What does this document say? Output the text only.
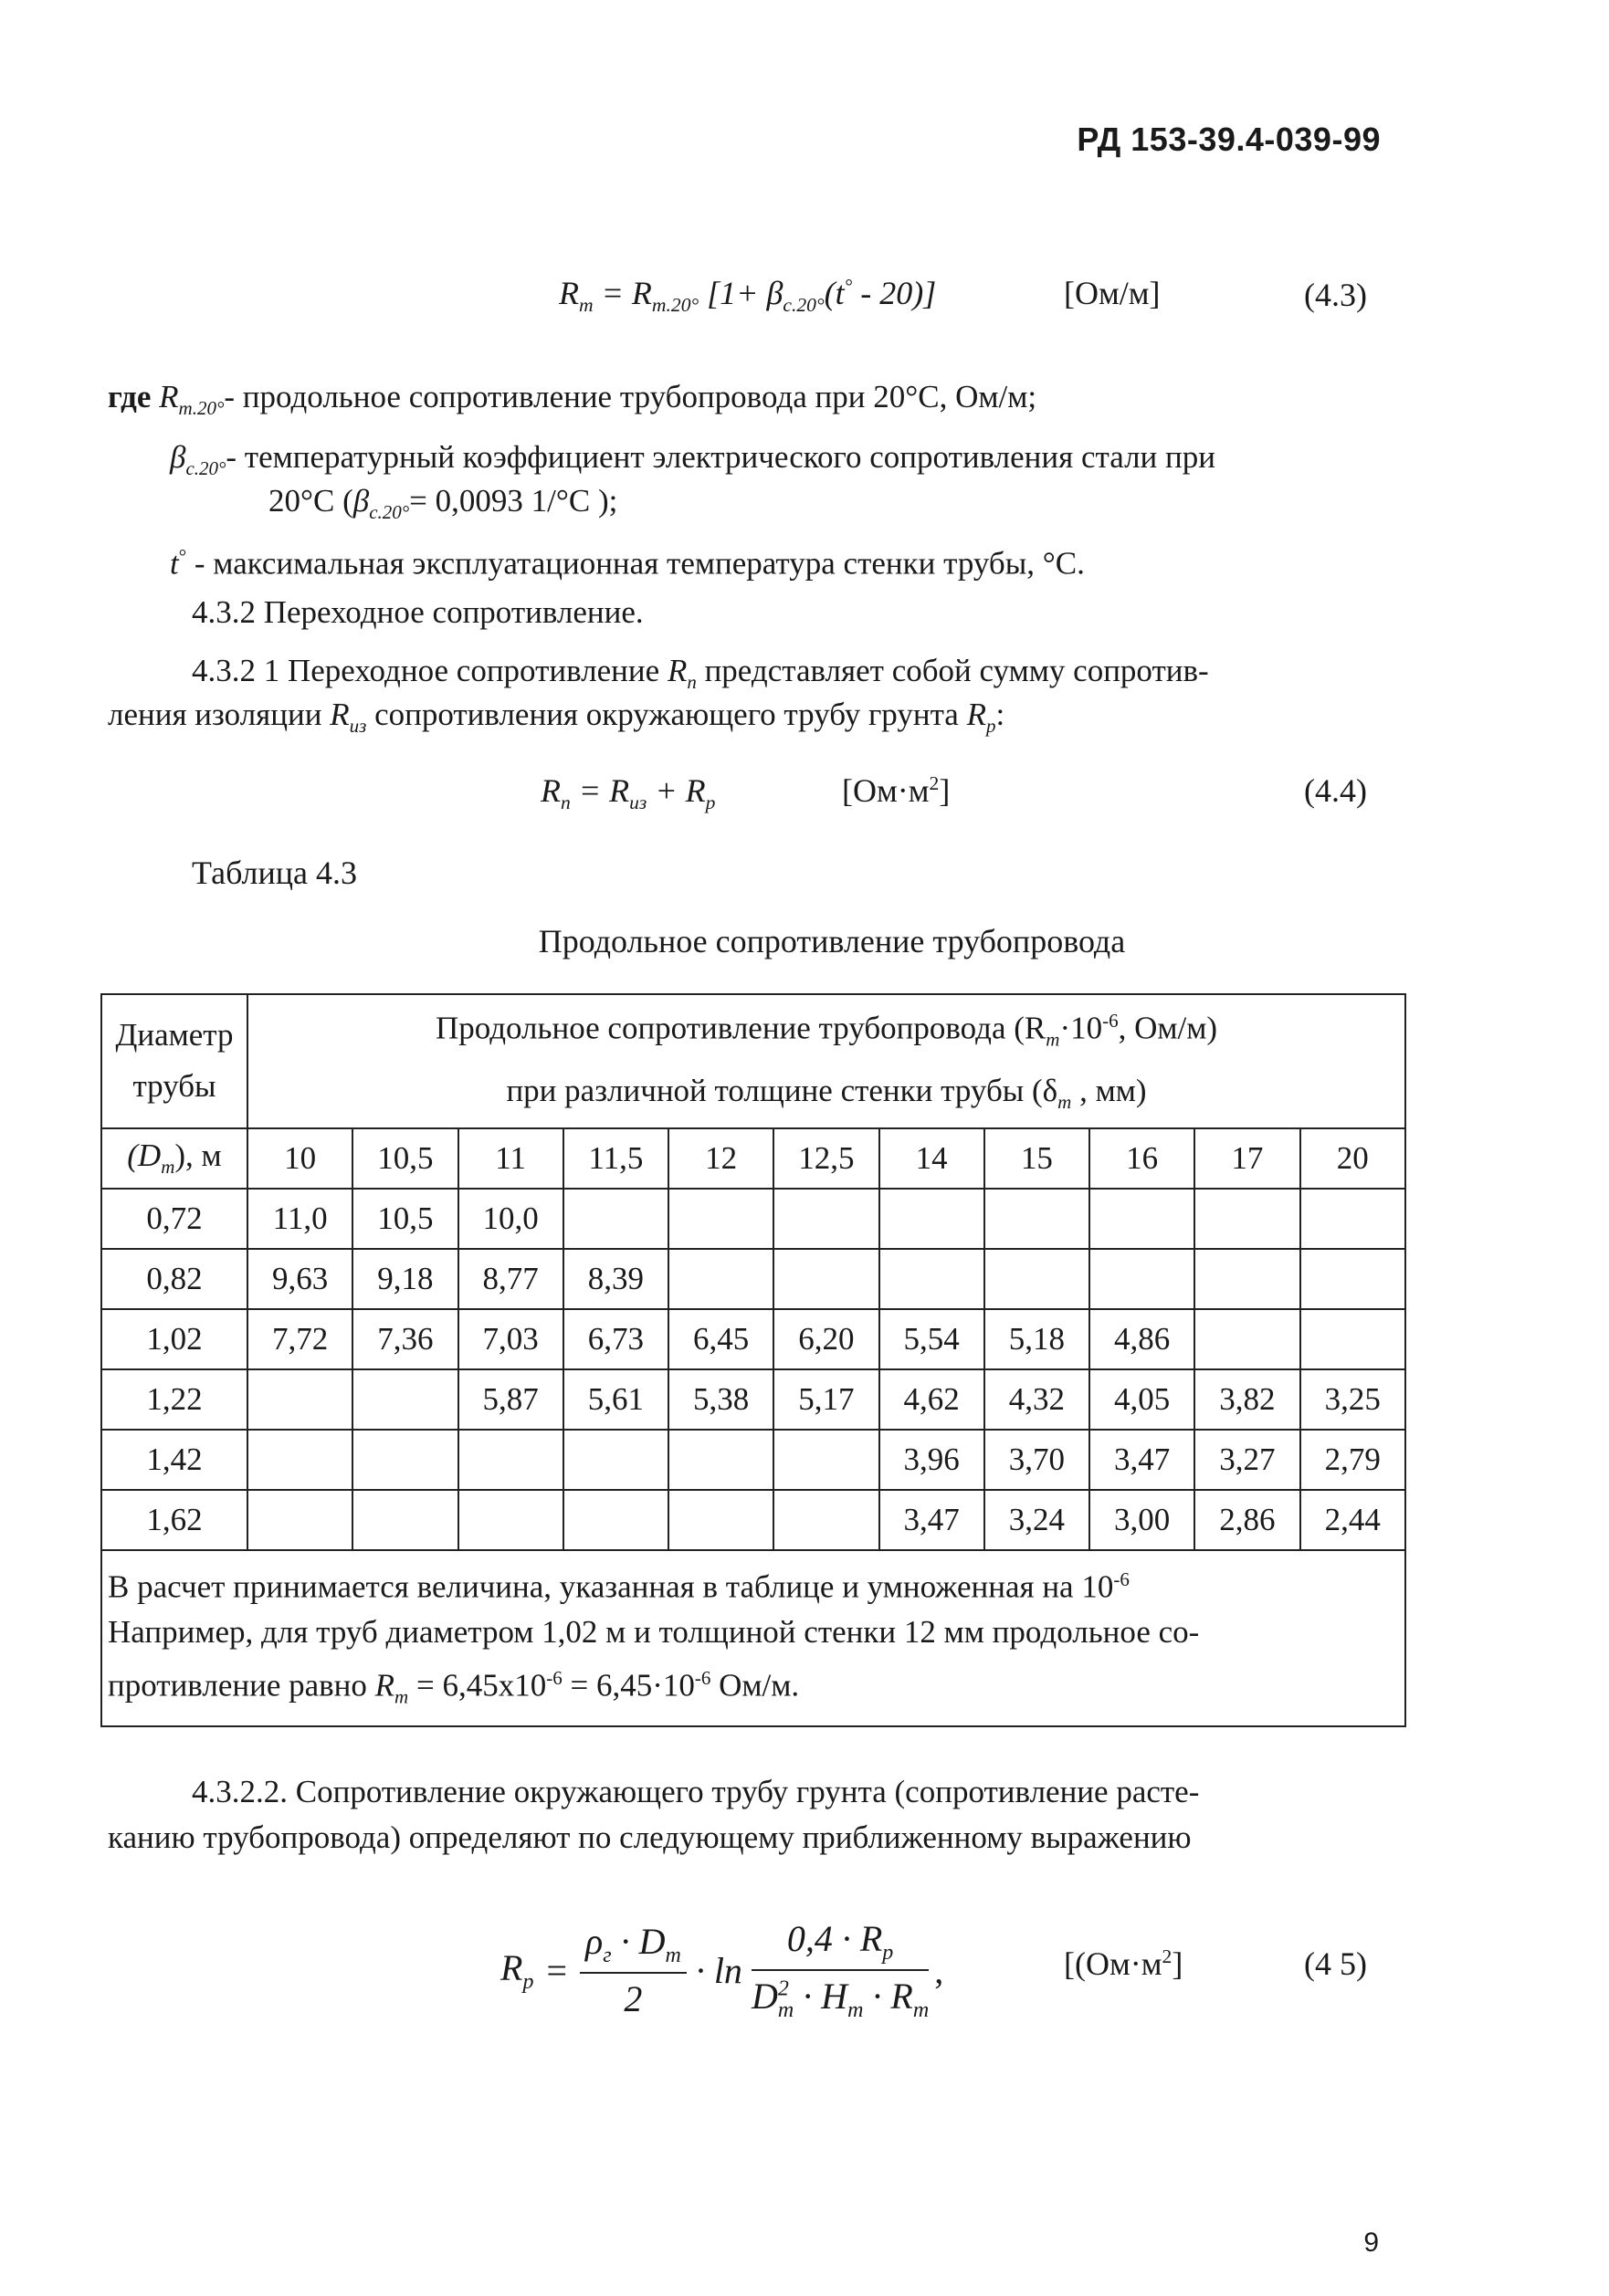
РД 153-39.4-039-99
$R_m = R_{m.20^\circ}$ $[1+ \beta_{c.20^\circ}(t^\circ - 20)]$	[Ом/м]	(4.3)
где $R_{m.20^\circ}-$ продольное сопротивление трубопровода при 20°С, Ом/м;
$\beta_{c.20^\circ}-$ температурный коэффициент электрического сопротивления стали при
20°С ($\beta_{c.20^\circ}= 0,0093$ 1/°С );
t° - максимальная эксплуатационная температура стенки трубы, °С.
4.3.2 Переходное сопротивление.
4.3.2 1 Переходное сопротивление $R_п$ представляет собой сумму сопротив-
ления изоляции $R_{из}$ сопротивления окружающего трубу грунта $R_р$:
$R_п = R_{из} + R_р$	$[Ом\cdot м^2]$	(4.4)
Таблица 4.3
Продольное сопротивление трубопровода
Диаметр
трубы	Продольное сопротивление трубопровода ($R_m\cdot 10^{-6}$, Ом/м)
при различной толщине стенки трубы ($\delta_m$ , мм)										
$(D_m)$, м	10	10,5	11	11,5	12	12,5	14	15	16	17	20
0,72	11,0	10,5	10,0								
0,82	9,63	9,18	8,77	8,39							
1,02	7,72	7,36	7,03	6,73	6,45	6,20	5,54	5,18	4,86		
1,22			5,87	5,61	5,38	5,17	4,62	4,32	4,05	3,82	3,25
1,42							3,96	3,70	3,47	3,27	2,79
1,62							3,47	3,24	3,00	2,86	2,44
В расчет принимается величина, указанная в таблице и умноженная на $10^{-6}$
Например, для труб диаметром 1,02 м и толщиной стенки 12 мм продольное со-
противление равно $R_m = 6,45х10^{-6} = 6,45\cdot 10^{-6}$ Ом/м.											
4.3.2.2. Сопротивление окружающего трубу грунта (сопротивление расте-
канию трубопровода) определяют по следующему приближенному выражению
$R_р = \frac{\rho_г \cdot D_m}{2} \cdot \ln \frac{0,4 \cdot R_р}{D^2_m \cdot H_m \cdot R_m}$ ,	[$(Ом\cdot м^2]$	(4 5)
9
